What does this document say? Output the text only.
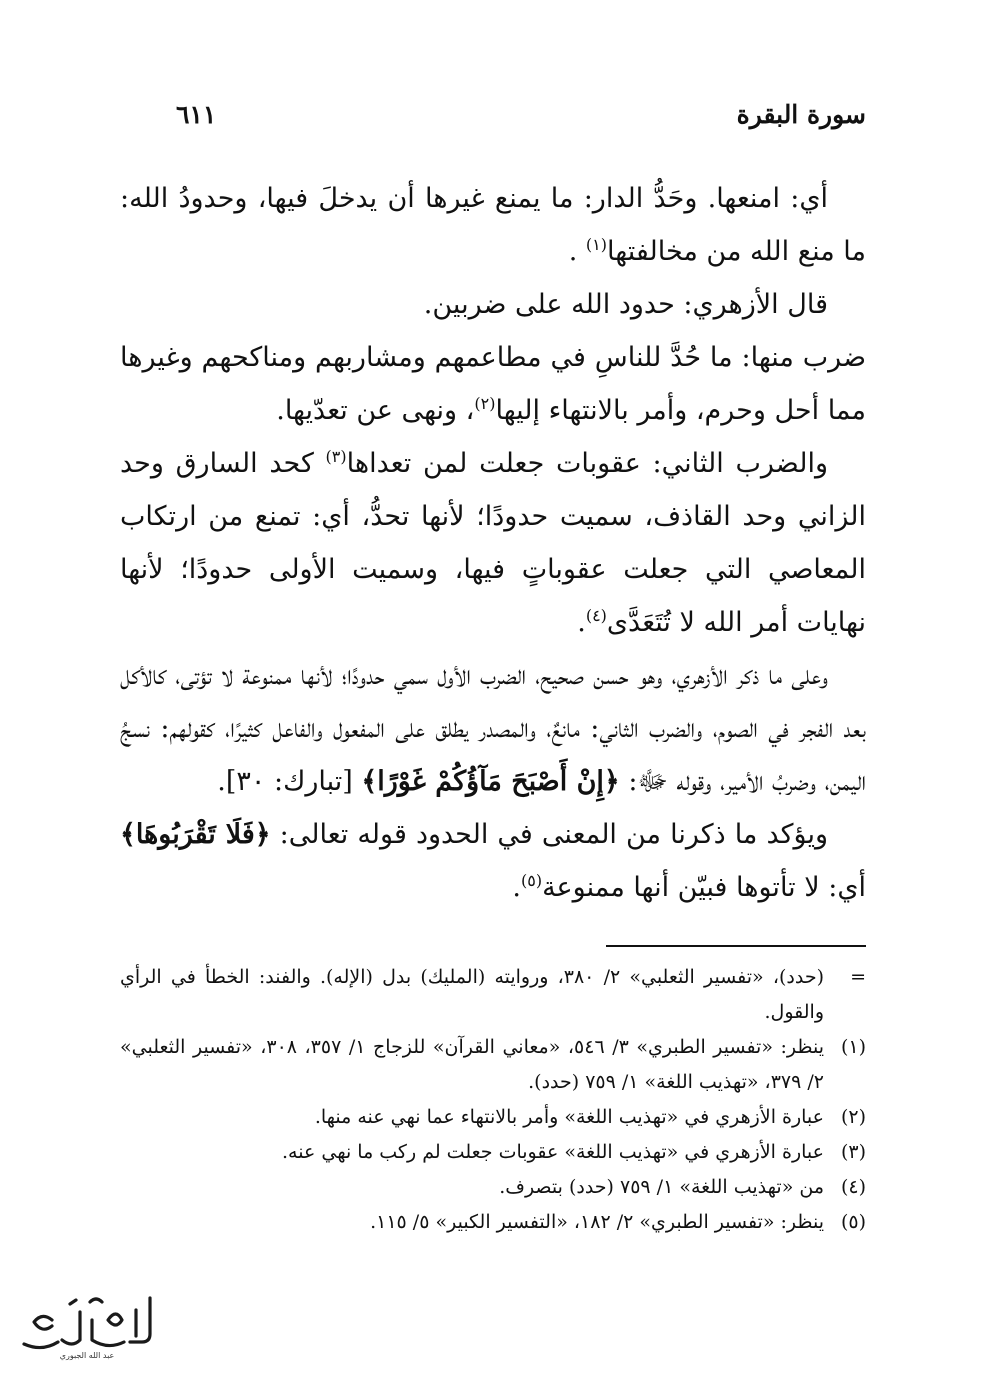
سورة البقرة
٦١١

أي: امنعها. وحَدُّ الدار: ما يمنع غيرها أن يدخلَ فيها، وحدودُ الله: ما منع الله من مخالفتها$^{(١)}$ .

قال الأزهري: حدود الله على ضربين.

ضرب منها: ما حُدَّ للناسِ في مطاعمهم ومشاربهم ومناكحهم وغيرها مما أحل وحرم، وأمر بالانتهاء إليها$^{(٢)}$، ونهى عن تعدّيها.

والضرب الثاني: عقوبات جعلت لمن تعداها$^{(٣)}$ كحد السارق وحد الزاني وحد القاذف، سميت حدودًا؛ لأنها تحدُّ، أي: تمنع من ارتكاب المعاصي التي جعلت عقوباتٍ فيها، وسميت الأولى حدودًا؛ لأنها نهايات أمر الله لا تُتَعَدَّى$^{(٤)}$.

وعلى ما ذكر الأزهري، وهو حسن صحيح، الضرب الأول سمي حدودًا؛ لأنها ممنوعة لا تؤتى، كالأكل بعد الفجر في الصوم، والضرب الثاني: مانعٌ، والمصدر يطلق على المفعول والفاعل كثيرًا، كقولهم: نسجُ اليمن، وضربُ الأمير، وقوله ﷻ: ﴿إِنْ أَصْبَحَ مَآؤُكُمْ غَوْرًا﴾ [تبارك: ٣٠].

ويؤكد ما ذكرنا من المعنى في الحدود قوله تعالى: ﴿فَلَا تَقْرَبُوهَا﴾ أي: لا تأتوها فبيّن أنها ممنوعة$^{(٥)}$.

=
(حدد)، «تفسير الثعلبي» ٢/ ٣٨٠، وروايته (المليك) بدل (الإله). والفند: الخطأ في الرأي والقول.
(١)
ينظر: «تفسير الطبري» ٣/ ٥٤٦، «معاني القرآن» للزجاج ١/ ٣٥٧، ٣٠٨، «تفسير الثعلبي» ٢/ ٣٧٩، «تهذيب اللغة» ١/ ٧٥٩ (حدد).
(٢)
عبارة الأزهري في «تهذيب اللغة» وأمر بالانتهاء عما نهي عنه منها.
(٣)
عبارة الأزهري في «تهذيب اللغة» عقوبات جعلت لم ركب ما نهي عنه.
(٤)
من «تهذيب اللغة» ١/ ٧٥٩ (حدد) بتصرف.
(٥)
ينظر: «تفسير الطبري» ٢/ ١٨٢، «التفسير الكبير» ٥/ ١١٥.
عبد الله الجبوري
